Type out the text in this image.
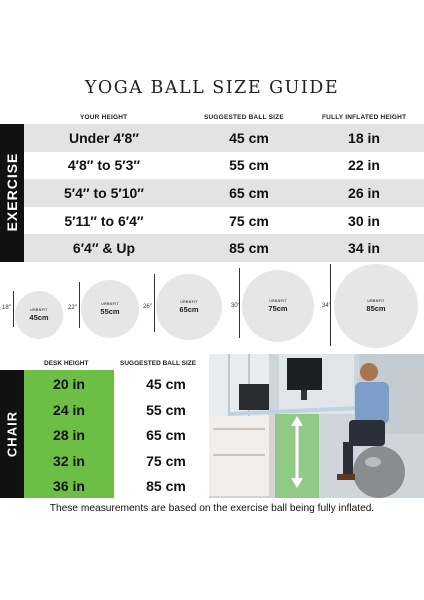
YOGA BALL SIZE GUIDE
YOUR HEIGHT	SUGGESTED BALL SIZE	FULLY INFLATED HEIGHT
EXERCISE
Under 4′8″	45 cm	18 in
4′8″ to 5′3″	55 cm	22 in
5′4″ to 5′10″	65 cm	26 in
5′11″ to 6′4″	75 cm	30 in
6′4″ & Up	85 cm	34 in
18″	URBNFIT
45cm
22″
URBNFIT
55cm	26″
URBNFIT
65cm	30″
URBNFIT
75cm	34″
URBNFIT
85cm
DESK HEIGHT	SUGGESTED BALL SIZE
CHAIR
20 in	45 cm
24 in	55 cm
28 in	65 cm
32 in	75 cm
36 in	85 cm
These measurements are based on the exercise ball being fully inflated.
